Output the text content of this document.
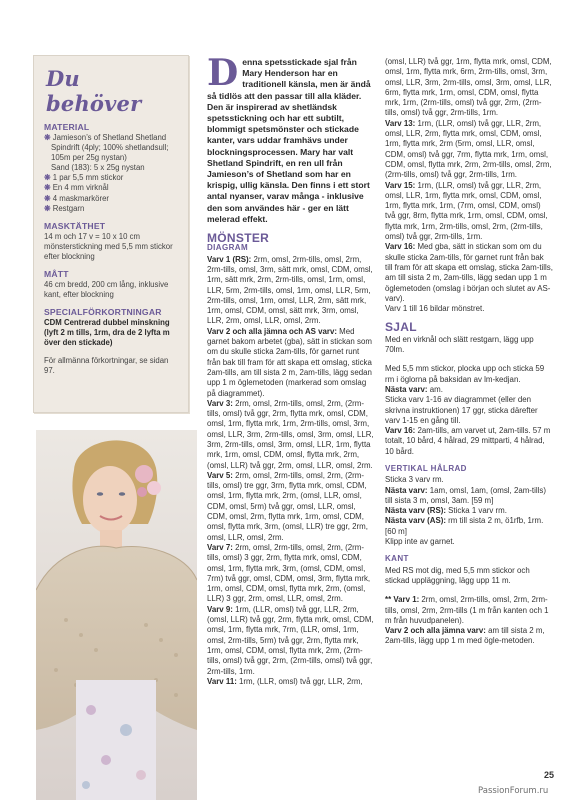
Du behöver
MATERIAL
❋ Jamieson’s of Shetland Shetland Spindrift (4ply; 100% shetlandsull; 105m per 25g nystan)
Sand (183): 5 x 25g nystan
❋ 1 par 5,5 mm stickor
❋ En 4 mm virknål
❋ 4 maskmarkörer
❋ Restgarn
MASKTÄTHET

14 m och 17 v = 10 x 10 cm mönsterstickning med 5,5 mm stickor efter blockning

MÅTT

46 cm bredd, 200 cm lång, inklusive kant, efter blockning

SPECIALFÖRKORTNINGAR

CDM Centrerad dubbel minskning (lyft 2 m tills, 1rm, dra de 2 lyfta m över den stickade)

För allmänna förkortningar, se sidan 97.

Denna spetsstickade sjal från Mary Henderson har en traditionell känsla, men är ändå så tidlös att den passar till alla kläder. Den är inspirerad av shetländsk spetsstickning och har ett subtilt, blommigt spetsmönster och stickade kanter, vars uddar framhävs under blockningsprocessen. Mary har valt Shetland Spindrift, en ren ull från Jamieson’s of Shetland som har en krispig, ullig känsla. Den finns i ett stort antal nyanser, varav många - inklusive den som användes här - ger en lätt melerad effekt.
MÖNSTER
DIAGRAM

Varv 1 (RS): 2rm, omsl, 2rm-tills, omsl, 2rm, 2rm-tills, omsl, 3rm, sätt mrk, omsl, CDM, omsl, 1rm, sätt mrk, 2rm, 2rm-tills, omsl, 1rm, omsl, LLR, 5rm, 2rm-tills, omsl, 1rm, omsl, LLR, 5rm, 2rm-tills, omsl, 1rm, omsl, LLR, 2rm, sätt mrk, 1rm, omsl, CDM, omsl, sätt mrk, 3rm, omsl, LLR, 2rm, omsl, LLR, omsl, 2rm.

Varv 2 och alla jämna och AS varv: Med garnet bakom arbetet (gba), sätt in stickan som om du skulle sticka 2am-tills, för garnet runt från bak till fram för att skapa ett omslag, sticka 2am-tills, am till sista 2 m, 2am-tills, lägg sedan upp 1 m öglemetoden (markerad som omslag på diagrammet).

Varv 3: 2rm, omsl, 2rm-tills, omsl, 2rm, (2rm-tills, omsl) två ggr, 2rm, flytta mrk, omsl, CDM, omsl, 1rm, flytta mrk, 1rm, 2rm-tills, omsl, 3rm, omsl, LLR, 3rm, 2rm-tills, omsl, 3rm, omsl, LLR, 3rm, 2rm-tills, omsl, 3rm, omsl, LLR, 1rm, flytta mrk, 1rm, omsl, CDM, omsl, flytta mrk, 2rm, (omsl, LLR) två ggr, 2rm, omsl, LLR, omsl, 2rm.

Varv 5: 2rm, omsl, 2rm-tills, omsl, 2rm, (2rm-tills, omsl) tre ggr, 3rm, flytta mrk, omsl, CDM, omsl, 1rm, flytta mrk, 2rm, (omsl, LLR, omsl, CDM, omsl, 5rm) två ggr, omsl, LLR, omsl, CDM, omsl, 2rm, flytta mrk, 1rm, omsl, CDM, omsl, flytta mrk, 3rm, (omsl, LLR) tre ggr, 2rm, omsl, LLR, omsl, 2rm.

Varv 7: 2rm, omsl, 2rm-tills, omsl, 2rm, (2rm-tills, omsl) 3 ggr, 2rm, flytta mrk, omsl, CDM, omsl, 1rm, flytta mrk, 3rm, (omsl, CDM, omsl, 7rm) två ggr, omsl, CDM, omsl, 3rm, flytta mrk, 1rm, omsl, CDM, omsl, flytta mrk, 2rm, (omsl, LLR) 3 ggr, 2rm, omsl, LLR, omsl, 2rm.

Varv 9: 1rm, (LLR, omsl) två ggr, LLR, 2rm, (omsl, LLR) två ggr, 2rm, flytta mrk, omsl, CDM, omsl, 1rm, flytta mrk, 7rm, (LLR, omsl, 1rm, omsl, 2rm-tills, 5rm) två ggr, 2rm, flytta mrk, 1rm, omsl, CDM, omsl, flytta mrk, 2rm, (2rm-tills, omsl) två ggr, 2rm, (2rm-tills, omsl) två ggr, 2rm-tills, 1rm.

Varv 11: 1rm, (LLR, omsl) två ggr, LLR, 2rm,

(omsl, LLR) två ggr, 1rm, flytta mrk, omsl, CDM, omsl, 1rm, flytta mrk, 6rm, 2rm-tills, omsl, 3rm, omsl, LLR, 3rm, 2rm-tills, omsl, 3rm, omsl, LLR, 6rm, flytta mrk, 1rm, omsl, CDM, omsl, flytta mrk, 1rm, (2rm-tills, omsl) två ggr, 2rm, (2rm-tills, omsl) två ggr, 2rm-tills, 1rm.

Varv 13: 1rm, (LLR, omsl) två ggr, LLR, 2rm, omsl, LLR, 2rm, flytta mrk, omsl, CDM, omsl, 1rm, flytta mrk, 2rm (5rm, omsl, LLR, omsl, CDM, omsl) två ggr, 7rm, flytta mrk, 1rm, omsl, CDM, omsl, flytta mrk, 2rm, 2rm-tills, omsl, 2rm, (2rm-tills, omsl) två ggr, 2rm-tills, 1rm.

Varv 15: 1rm, (LLR, omsl) två ggr, LLR, 2rm, omsl, LLR, 1rm, flytta mrk, omsl, CDM, omsl, 1rm, flytta mrk, 1rm, (7rm, omsl, CDM, omsl) två ggr, 8rm, flytta mrk, 1rm, omsl, CDM, omsl, flytta mrk, 1rm, 2rm-tills, omsl, 2rm, (2rm-tills, omsl) två ggr, 2rm-tills, 1rm.

Varv 16: Med gba, sätt in stickan som om du skulle sticka 2am-tills, för garnet runt från bak till fram för att skapa ett omslag, sticka 2am-tills, am till sista 2 m, 2am-tills, lägg sedan upp 1 m öglemetoden (omslag i början och slutet av AS-varv).

Varv 1 till 16 bildar mönstret.

SJAL

Med en virknål och slätt restgarn, lägg upp 70lm.

Med 5,5 mm stickor, plocka upp och sticka 59 rm i öglorna på baksidan av lm-kedjan.

Nästa varv: am.

Sticka varv 1-16 av diagrammet (eller den skrivna instruktionen) 17 ggr, sticka därefter varv 1-15 en gång till.

Varv 16: 2am-tills, am varvet ut, 2am-tills. 57 m totalt, 10 bård, 4 hålrad, 29 mittparti, 4 hålrad, 10 bård.

VERTIKAL HÅLRAD

Sticka 3 varv rm.

Nästa varv: 1am, omsl, 1am, (omsl, 2am-tills) till sista 3 m, omsl, 3am. [59 m]

Nästa varv (RS): Sticka 1 varv rm.

Nästa varv (AS): rm till sista 2 m, ö1rfb, 1rm. [60 m]

Klipp inte av garnet.

KANT

Med RS mot dig, med 5,5 mm stickor och stickad uppläggning, lägg upp 11 m.

** Varv 1: 2rm, omsl, 2rm-tills, omsl, 2rm, 2rm-tills, omsl, 2rm, 2rm-tills (1 m från kanten och 1 m från huvudpanelen).

Varv 2 och alla jämna varv: am till sista 2 m, 2am-tills, lägg upp 1 m med ögle-metoden.

25
PassionForum.ru
